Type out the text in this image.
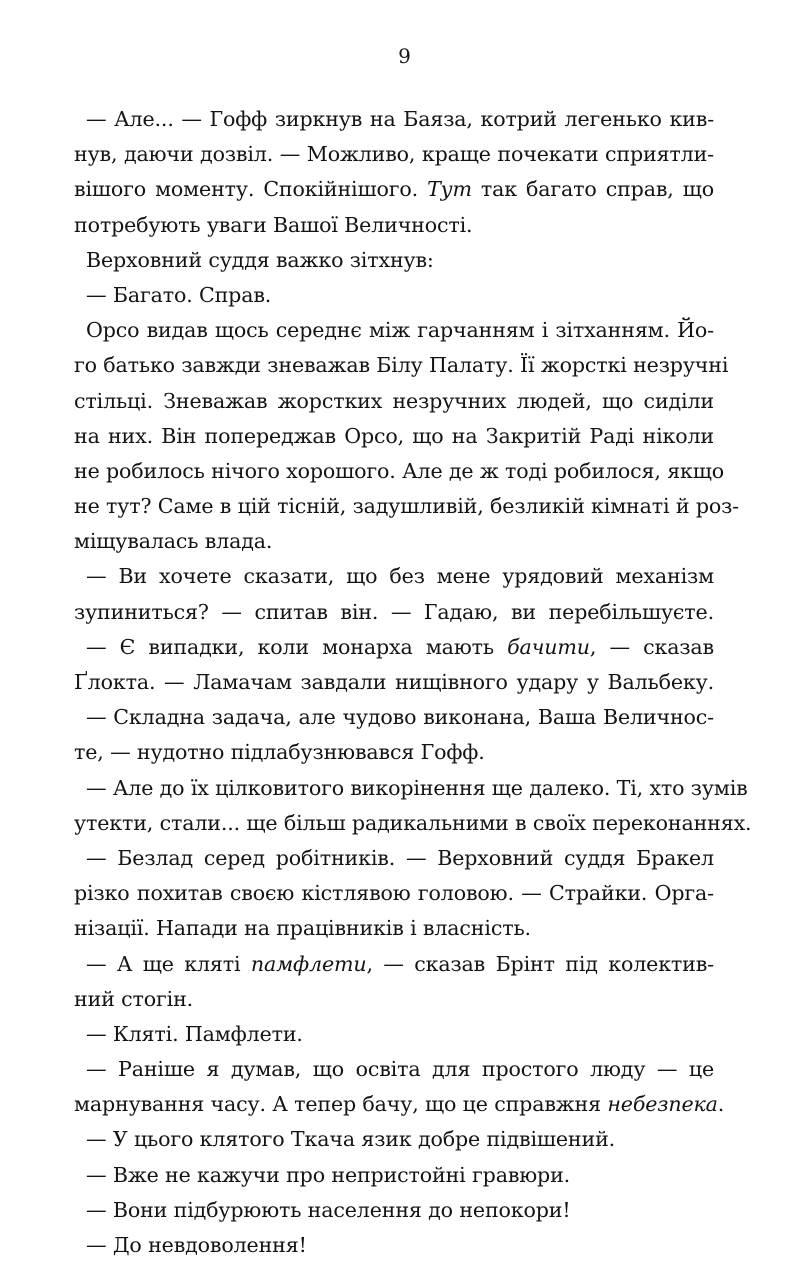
9
— Але... — Гофф зиркнув на Баяза, котрий легенько кив-
нув, даючи дозвіл. — Можливо, краще почекати сприятли-
вішого моменту. Спокійнішого. Тут так багато справ, що
потребують уваги Вашої Величності.
Верховний суддя важко зітхнув:
— Багато. Справ.
Орсо видав щось середнє між гарчанням і зітханням. Йо-
го батько завжди зневажав Білу Палату. Її жорсткі незручні
стільці. Зневажав жорстких незручних людей, що сиділи
на них. Він попереджав Орсо, що на Закритій Раді ніколи
не робилось нічого хорошого. Але де ж тоді робилося, якщо
не тут? Саме в цій тісній, задушливій, безликій кімнаті й роз-
міщувалась влада.
— Ви хочете сказати, що без мене урядовий механізм
зупиниться? — спитав він. — Гадаю, ви перебільшуєте.
— Є випадки, коли монарха мають бачити, — сказав
Ґлокта. — Ламачам завдали нищівного удару у Вальбеку.
— Складна задача, але чудово виконана, Ваша Величнос-
те, — нудотно підлабузнювався Гофф.
— Але до їх цілковитого викорінення ще далеко. Ті, хто зумів
утекти, стали... ще більш радикальними в своїх переконаннях.
— Безлад серед робітників. — Верховний суддя Бракел
різко похитав своєю кістлявою головою. — Страйки. Орга-
нізації. Напади на працівників і власність.
— А ще кляті памфлети, — сказав Брінт під колектив-
ний стогін.
— Кляті. Памфлети.
— Раніше я думав, що освіта для простого люду — це
марнування часу. А тепер бачу, що це справжня небезпека.
— У цього клятого Ткача язик добре підвішений.
— Вже не кажучи про непристойні гравюри.
— Вони підбурюють населення до непокори!
— До невдоволення!
